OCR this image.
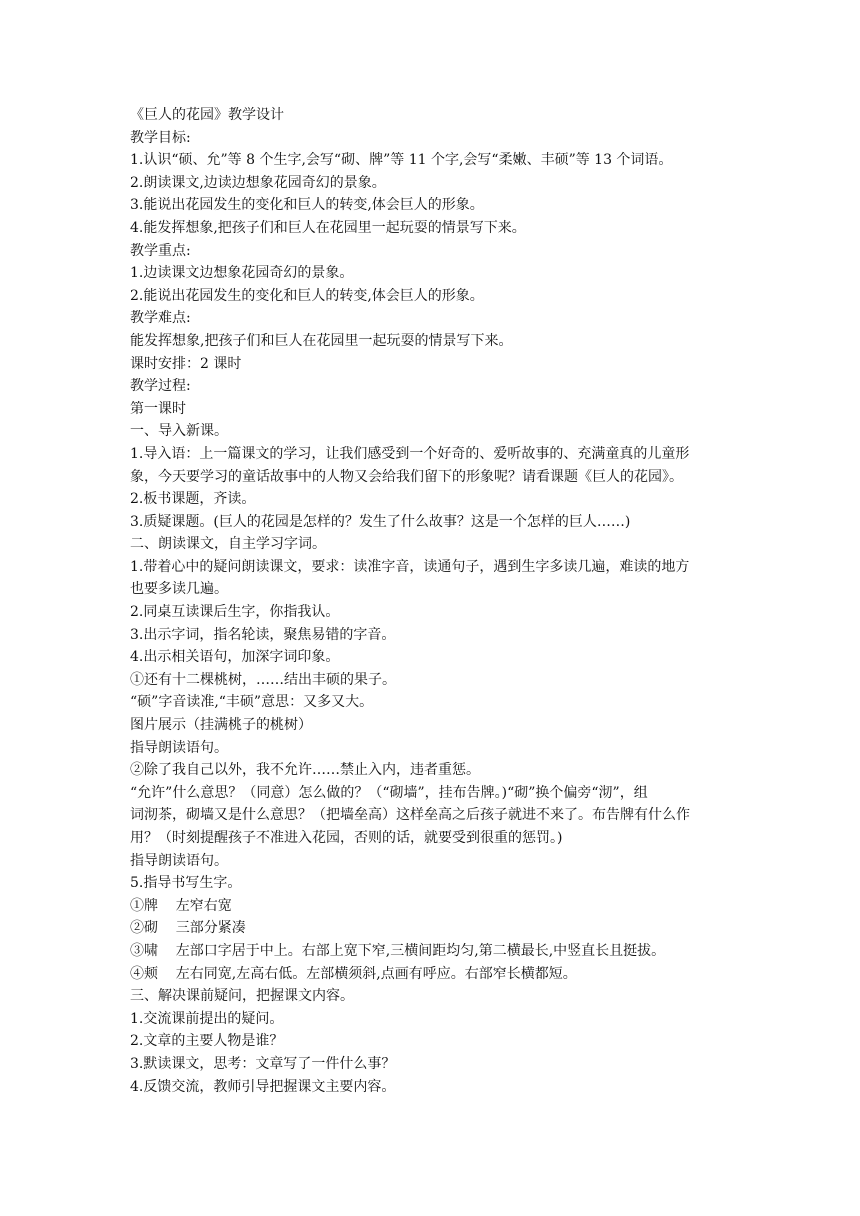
《巨人的花园》教学设计

教学目标:

1.认识“硕、允”等 8 个生字,会写“砌、牌”等 11 个字,会写“柔嫩、丰硕”等 13 个词语。

2.朗读课文,边读边想象花园奇幻的景象。

3.能说出花园发生的变化和巨人的转变,体会巨人的形象。

4.能发挥想象,把孩子们和巨人在花园里一起玩耍的情景写下来。

教学重点:

1.边读课文边想象花园奇幻的景象。

2.能说出花园发生的变化和巨人的转变,体会巨人的形象。

教学难点:

能发挥想象,把孩子们和巨人在花园里一起玩耍的情景写下来。

课时安排：2 课时

教学过程:

第一课时

一、导入新课。

1.导入语：上一篇课文的学习，让我们感受到一个好奇的、爱听故事的、充满童真的儿童形

象，今天要学习的童话故事中的人物又会给我们留下的形象呢？请看课题《巨人的花园》。

2.板书课题，齐读。

3.质疑课题。(巨人的花园是怎样的？发生了什么故事？这是一个怎样的巨人……)

二、朗读课文，自主学习字词。

1.带着心中的疑问朗读课文，要求：读准字音，读通句子，遇到生字多读几遍，难读的地方

也要多读几遍。

2.同桌互读课后生字，你指我认。

3.出示字词，指名轮读，聚焦易错的字音。

4.出示相关语句，加深字词印象。

①还有十二棵桃树，……结出丰硕的果子。

“硕”字音读准,“丰硕”意思：又多又大。

图片展示（挂满桃子的桃树）

指导朗读语句。

②除了我自己以外，我不允许……禁止入内，违者重惩。

“允许”什么意思？（同意）怎么做的？（“砌墙”，挂布告牌。)“砌”换个偏旁“沏”，组

词沏茶，砌墙又是什么意思？（把墙垒高）这样垒高之后孩子就进不来了。布告牌有什么作

用？（时刻提醒孩子不准进入花园，否则的话，就要受到很重的惩罚。)

指导朗读语句。

5.指导书写生字。

①牌    左窄右宽

②砌    三部分紧凑

③啸    左部口字居于中上。右部上宽下窄,三横间距均匀,第二横最长,中竖直长且挺拔。

④颊    左右同宽,左高右低。左部横须斜,点画有呼应。右部窄长横都短。

三、解决课前疑问，把握课文内容。

1.交流课前提出的疑问。

2.文章的主要人物是谁？

3.默读课文，思考：文章写了一件什么事？

4.反馈交流，教师引导把握课文主要内容。
